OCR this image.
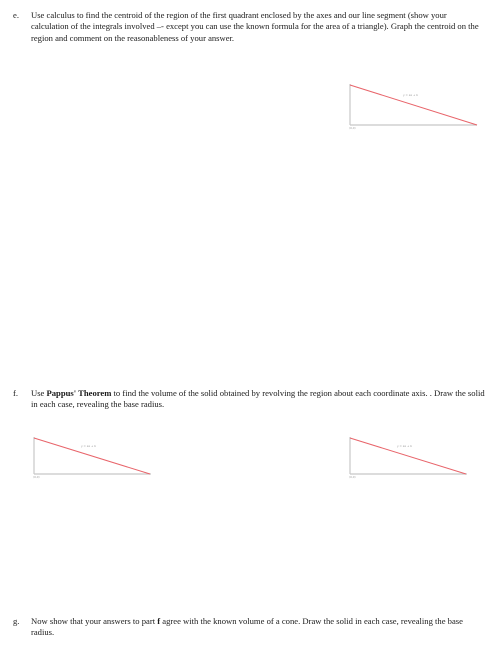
e. Use calculus to find the centroid of the region of the first quadrant enclosed by the axes and our line segment (show your calculation of the integrals involved –- except you can use the known formula for the area of a triangle). Graph the centroid on the region and comment on the reasonableness of your answer.
y = ax + b
(0,0)
f. Use Pappus' Theorem to find the volume of the solid obtained by revolving the region about each coordinate axis. . Draw the solid in each case, revealing the base radius.
y = ax + b
(0,0)
y = ax + b
(0,0)
g. Now show that your answers to part f agree with the known volume of a cone. Draw the solid in each case, revealing the base radius.
